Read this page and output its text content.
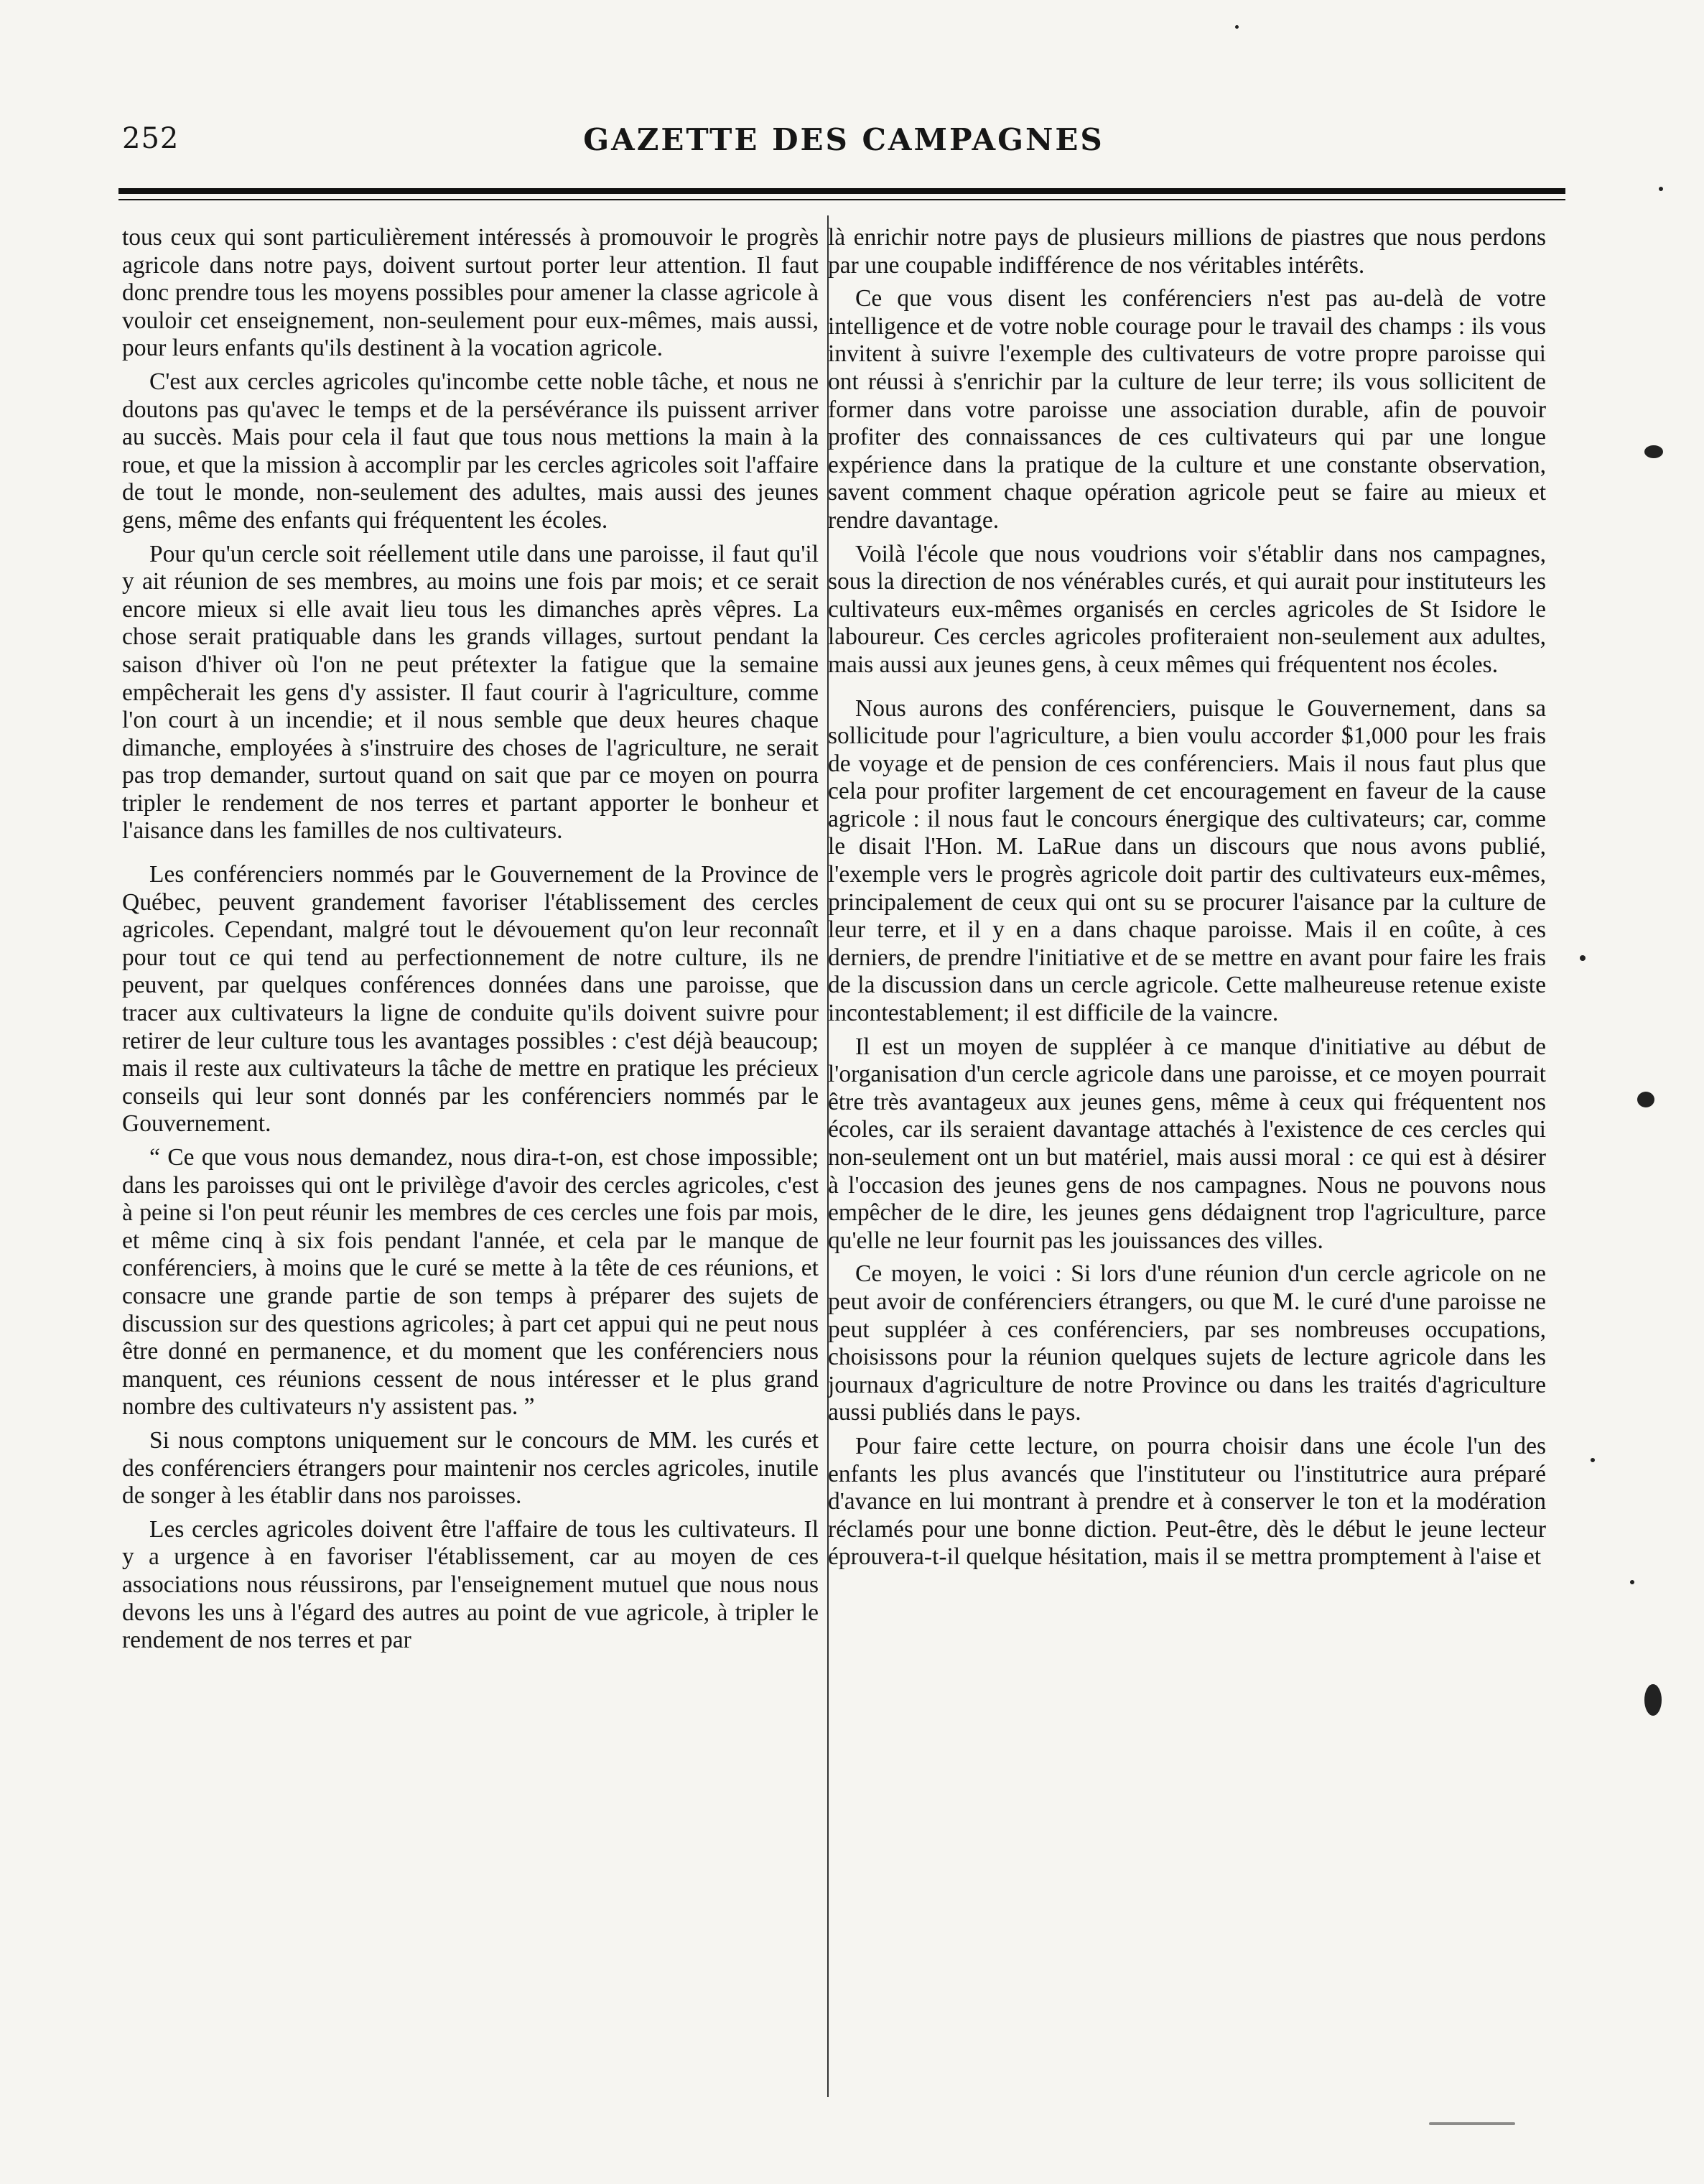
252	GAZETTE DES CAMPAGNES

tous ceux qui sont particulièrement intéressés à promouvoir le progrès agricole dans notre pays, doivent surtout porter leur attention. Il faut donc prendre tous les moyens possibles pour amener la classe agricole à vouloir cet enseignement, non-seulement pour eux-mêmes, mais aussi, pour leurs enfants qu'ils destinent à la vocation agricole.

C'est aux cercles agricoles qu'incombe cette noble tâche, et nous ne doutons pas qu'avec le temps et de la persévérance ils puissent arriver au succès. Mais pour cela il faut que tous nous mettions la main à la roue, et que la mission à accomplir par les cercles agricoles soit l'affaire de tout le monde, non-seulement des adultes, mais aussi des jeunes gens, même des enfants qui fréquentent les écoles.

Pour qu'un cercle soit réellement utile dans une paroisse, il faut qu'il y ait réunion de ses membres, au moins une fois par mois; et ce serait encore mieux si elle avait lieu tous les dimanches après vêpres. La chose serait pratiquable dans les grands villages, surtout pendant la saison d'hiver où l'on ne peut prétexter la fatigue que la semaine empêcherait les gens d'y assister. Il faut courir à l'agriculture, comme l'on court à un incendie; et il nous semble que deux heures chaque dimanche, employées à s'instruire des choses de l'agriculture, ne serait pas trop demander, surtout quand on sait que par ce moyen on pourra tripler le rendement de nos terres et partant apporter le bonheur et l'aisance dans les familles de nos cultivateurs.

Les conférenciers nommés par le Gouvernement de la Province de Québec, peuvent grandement favoriser l'établissement des cercles agricoles. Cependant, malgré tout le dévouement qu'on leur reconnaît pour tout ce qui tend au perfectionnement de notre culture, ils ne peuvent, par quelques conférences données dans une paroisse, que tracer aux cultivateurs la ligne de conduite qu'ils doivent suivre pour retirer de leur culture tous les avantages possibles : c'est déjà beaucoup; mais il reste aux cultivateurs la tâche de mettre en pratique les précieux conseils qui leur sont donnés par les conférenciers nommés par le Gouvernement.

“ Ce que vous nous demandez, nous dira-t-on, est chose impossible; dans les paroisses qui ont le privilège d'avoir des cercles agricoles, c'est à peine si l'on peut réunir les membres de ces cercles une fois par mois, et même cinq à six fois pendant l'année, et cela par le manque de conférenciers, à moins que le curé se mette à la tête de ces réunions, et consacre une grande partie de son temps à préparer des sujets de discussion sur des questions agricoles; à part cet appui qui ne peut nous être donné en permanence, et du moment que les conférenciers nous manquent, ces réunions cessent de nous intéresser et le plus grand nombre des cultivateurs n'y assistent pas. ”

Si nous comptons uniquement sur le concours de MM. les curés et des conférenciers étrangers pour maintenir nos cercles agricoles, inutile de songer à les établir dans nos paroisses.

Les cercles agricoles doivent être l'affaire de tous les cultivateurs. Il y a urgence à en favoriser l'établissement, car au moyen de ces associations nous réussirons, par l'enseignement mutuel que nous nous devons les uns à l'égard des autres au point de vue agricole, à tripler le rendement de nos terres et par

là enrichir notre pays de plusieurs millions de piastres que nous perdons par une coupable indifférence de nos véritables intérêts.

Ce que vous disent les conférenciers n'est pas au-delà de votre intelligence et de votre noble courage pour le travail des champs : ils vous invitent à suivre l'exemple des cultivateurs de votre propre paroisse qui ont réussi à s'enrichir par la culture de leur terre; ils vous sollicitent de former dans votre paroisse une association durable, afin de pouvoir profiter des connaissances de ces cultivateurs qui par une longue expérience dans la pratique de la culture et une constante observation, savent comment chaque opération agricole peut se faire au mieux et rendre davantage.

Voilà l'école que nous voudrions voir s'établir dans nos campagnes, sous la direction de nos vénérables curés, et qui aurait pour instituteurs les cultivateurs eux-mêmes organisés en cercles agricoles de St Isidore le laboureur. Ces cercles agricoles profiteraient non-seulement aux adultes, mais aussi aux jeunes gens, à ceux mêmes qui fréquentent nos écoles.

Nous aurons des conférenciers, puisque le Gouvernement, dans sa sollicitude pour l'agriculture, a bien voulu accorder $1,000 pour les frais de voyage et de pension de ces conférenciers. Mais il nous faut plus que cela pour profiter largement de cet encouragement en faveur de la cause agricole : il nous faut le concours énergique des cultivateurs; car, comme le disait l'Hon. M. LaRue dans un discours que nous avons publié, l'exemple vers le progrès agricole doit partir des cultivateurs eux-mêmes, principalement de ceux qui ont su se procurer l'aisance par la culture de leur terre, et il y en a dans chaque paroisse. Mais il en coûte, à ces derniers, de prendre l'initiative et de se mettre en avant pour faire les frais de la discussion dans un cercle agricole. Cette malheureuse retenue existe incontestablement; il est difficile de la vaincre.

Il est un moyen de suppléer à ce manque d'initiative au début de l'organisation d'un cercle agricole dans une paroisse, et ce moyen pourrait être très avantageux aux jeunes gens, même à ceux qui fréquentent nos écoles, car ils seraient davantage attachés à l'existence de ces cercles qui non-seulement ont un but matériel, mais aussi moral : ce qui est à désirer à l'occasion des jeunes gens de nos campagnes. Nous ne pouvons nous empêcher de le dire, les jeunes gens dédaignent trop l'agriculture, parce qu'elle ne leur fournit pas les jouissances des villes.

Ce moyen, le voici : Si lors d'une réunion d'un cercle agricole on ne peut avoir de conférenciers étrangers, ou que M. le curé d'une paroisse ne peut suppléer à ces conférenciers, par ses nombreuses occupations, choisissons pour la réunion quelques sujets de lecture agricole dans les journaux d'agriculture de notre Province ou dans les traités d'agriculture aussi publiés dans le pays.

Pour faire cette lecture, on pourra choisir dans une école l'un des enfants les plus avancés que l'instituteur ou l'institutrice aura préparé d'avance en lui montrant à prendre et à conserver le ton et la modération réclamés pour une bonne diction. Peut-être, dès le début le jeune lecteur éprouvera-t-il quelque hésitation, mais il se mettra promptement à l'aise et
